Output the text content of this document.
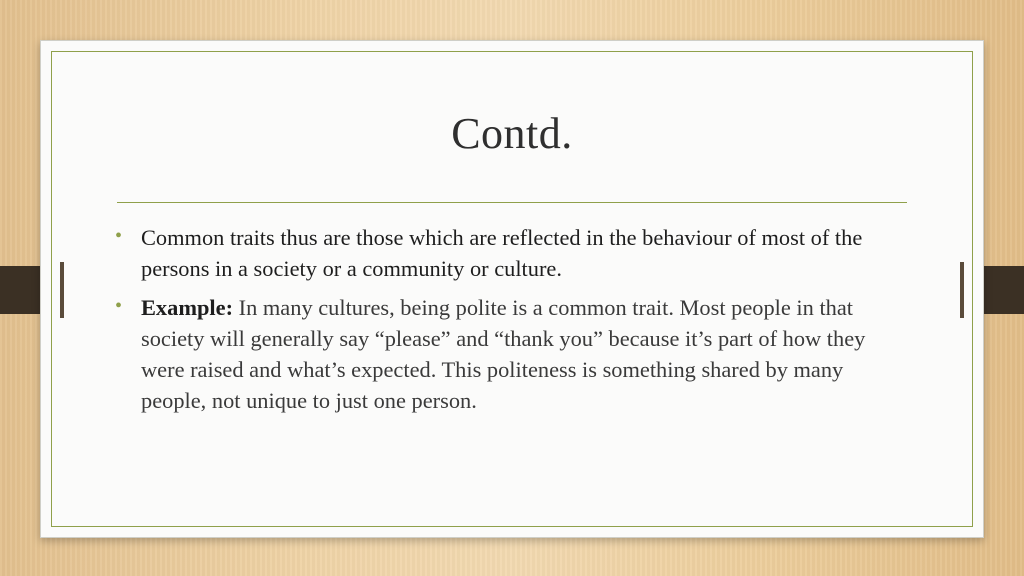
Contd.
• Common traits thus are those which are reflected in the behaviour of most of the persons in a society or a community or culture.
• Example: In many cultures, being polite is a common trait. Most people in that society will generally say “please” and “thank you” because it’s part of how they were raised and what’s expected. This politeness is something shared by many people, not unique to just one person.
